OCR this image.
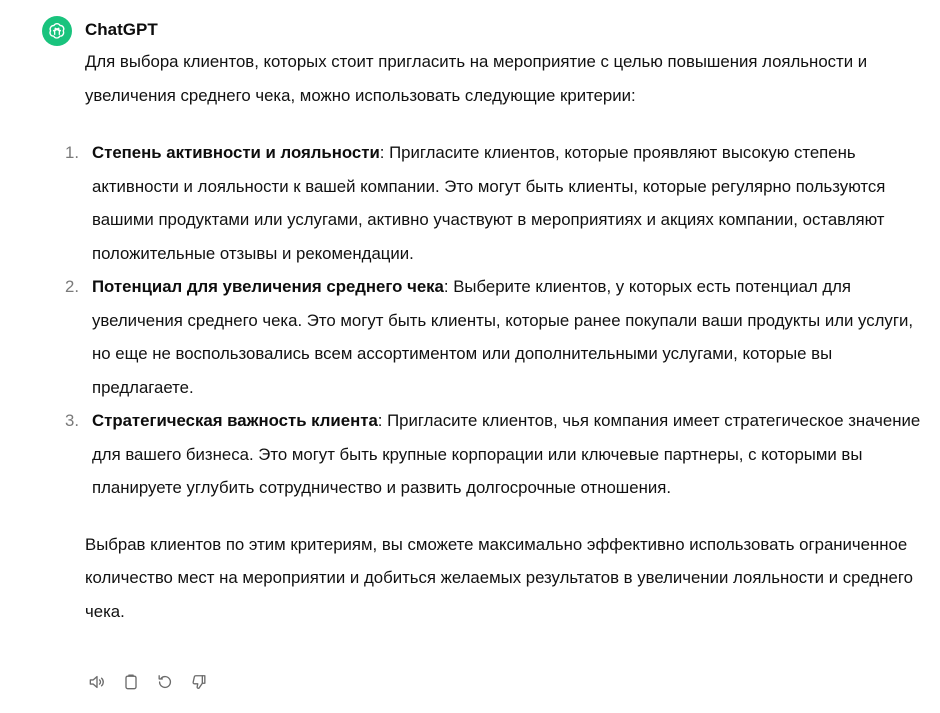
ChatGPT

Для выбора клиентов, которых стоит пригласить на мероприятие с целью повышения лояльности и увеличения среднего чека, можно использовать следующие критерии:

1. Степень активности и лояльности: Пригласите клиентов, которые проявляют высокую степень активности и лояльности к вашей компании. Это могут быть клиенты, которые регулярно пользуются вашими продуктами или услугами, активно участвуют в мероприятиях и акциях компании, оставляют положительные отзывы и рекомендации.
2. Потенциал для увеличения среднего чека: Выберите клиентов, у которых есть потенциал для увеличения среднего чека. Это могут быть клиенты, которые ранее покупали ваши продукты или услуги, но еще не воспользовались всем ассортиментом или дополнительными услугами, которые вы предлагаете.
3. Стратегическая важность клиента: Пригласите клиентов, чья компания имеет стратегическое значение для вашего бизнеса. Это могут быть крупные корпорации или ключевые партнеры, с которыми вы планируете углубить сотрудничество и развить долгосрочные отношения.

Выбрав клиентов по этим критериям, вы сможете максимально эффективно использовать ограниченное количество мест на мероприятии и добиться желаемых результатов в увеличении лояльности и среднего чека.
